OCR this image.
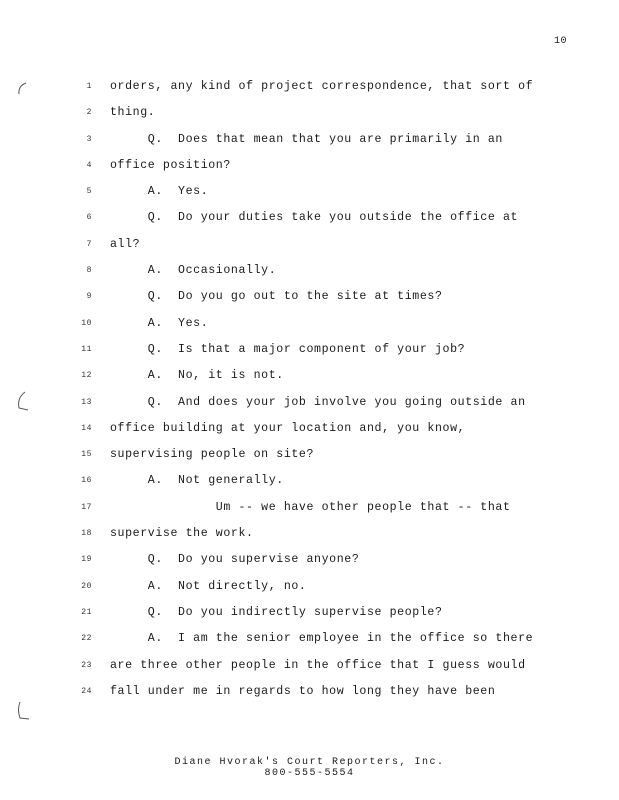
10
1 orders, any kind of project correspondence, that sort of
2 thing.
3 Q.  Does that mean that you are primarily in an
4 office position?
5 A.  Yes.
6 Q.  Do your duties take you outside the office at
7 all?
8 A.  Occasionally.
9 Q.  Do you go out to the site at times?
10 A.  Yes.
11 Q.  Is that a major component of your job?
12 A.  No, it is not.
13 Q.  And does your job involve you going outside an
14 office building at your location and, you know,
15 supervising people on site?
16 A.  Not generally.
17 Um -- we have other people that -- that
18 supervise the work.
19 Q.  Do you supervise anyone?
20 A.  Not directly, no.
21 Q.  Do you indirectly supervise people?
22 A.  I am the senior employee in the office so there
23 are three other people in the office that I guess would
24 fall under me in regards to how long they have been
Diane Hvorak's Court Reporters, Inc.
800-555-5554
